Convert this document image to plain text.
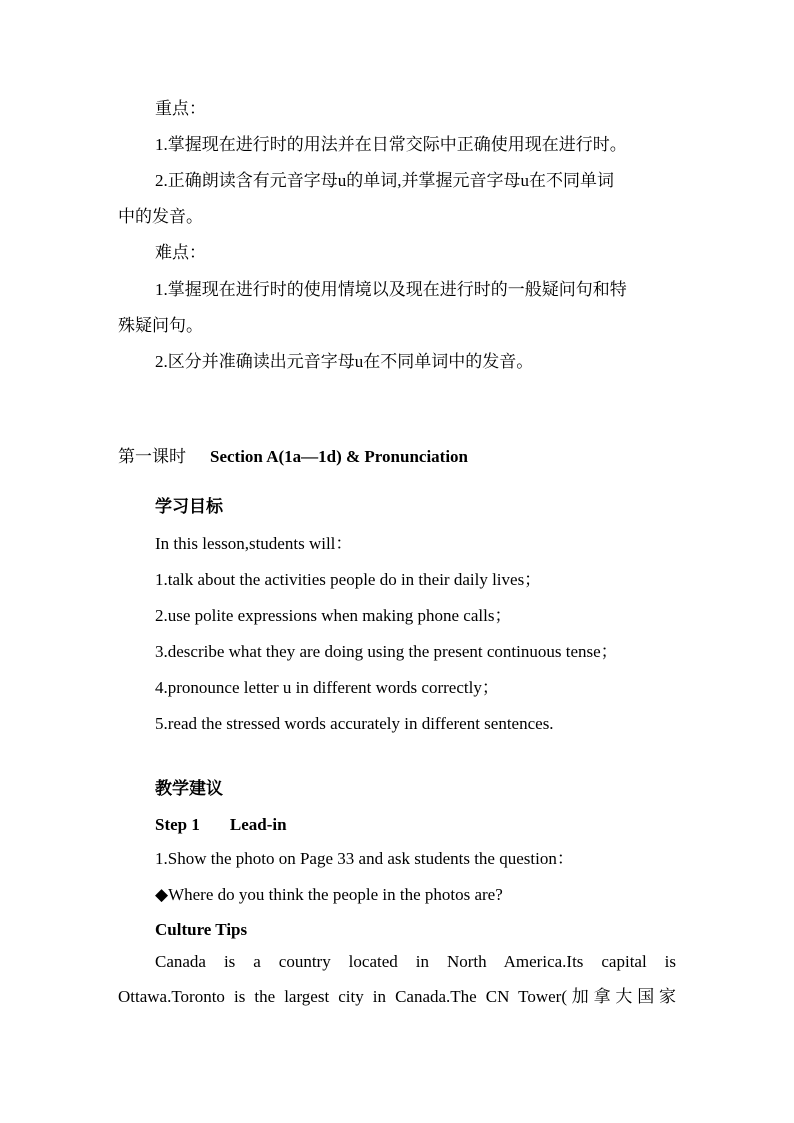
重点：
1.掌握现在进行时的用法并在日常交际中正确使用现在进行时。
2.正确朗读含有元音字母u的单词,并掌握元音字母u在不同单词
中的发音。
难点：
1.掌握现在进行时的使用情境以及现在进行时的一般疑问句和特
殊疑问句。
2.区分并准确读出元音字母u在不同单词中的发音。
第一课时 Section A(1a—1d) & Pronunciation
学习目标
In this lesson,students will：
1.talk about the activities people do in their daily lives；
2.use polite expressions when making phone calls；
3.describe what they are doing using the present continuous tense；
4.pronounce letter u in different words correctly；
5.read the stressed words accurately in different sentences.
教学建议
Step 1 Lead-in
1.Show the photo on Page 33 and ask students the question：
◆Where do you think the people in the photos are?
Culture Tips
Canada is a country located in North America.Its capital is
Ottawa.Toronto is the largest city in Canada.The CN Tower(加拿大国家
